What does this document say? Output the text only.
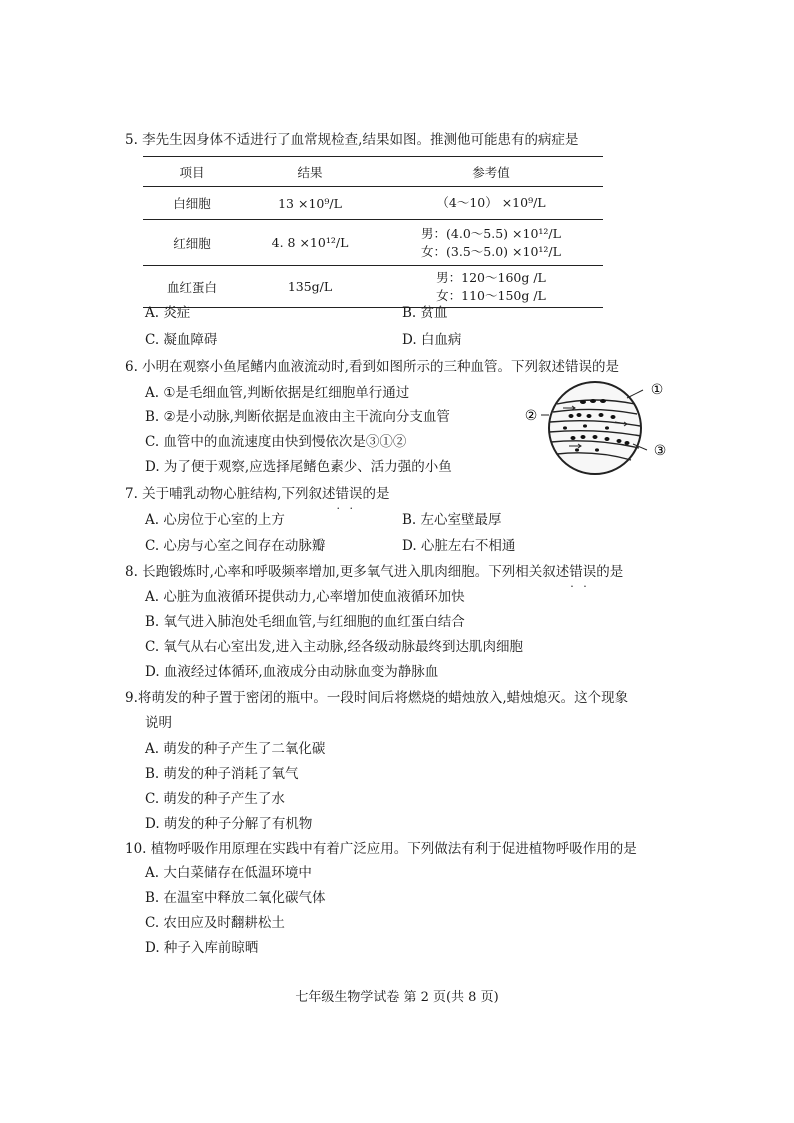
5. 李先生因身体不适进行了血常规检查,结果如图。推测他可能患有的病症是
项目	结果	参考值
白细胞	13 ×10⁹/L	（4～10） ×10⁹/L

红细胞	4. 8 ×10¹²/L	男：(4.0～5.5) ×10¹²/L
女：(3.5～5.0) ×10¹²/L

血红蛋白	135g/L	男：120～160g /L
女：110～150g /L
A. 炎症	B. 贫血
C. 凝血障碍	D. 白血病
6. 小明在观察小鱼尾鳍内血液流动时,看到如图所示的三种血管。下列叙述错误的是
A. ①是毛细血管,判断依据是红细胞单行通过
B. ②是小动脉,判断依据是血液由主干流向分支血管
C. 血管中的血流速度由快到慢依次是③①②
D. 为了便于观察,应选择尾鳍色素少、活力强的小鱼
①
②
③
7. 关于哺乳动物心脏结构,下列叙述错误 · ·的是
A. 心房位于心室的上方	B. 左心室壁最厚
C. 心房与心室之间存在动脉瓣	D. 心脏左右不相通
8. 长跑锻炼时,心率和呼吸频率增加,更多氧气进入肌肉细胞。下列相关叙述错误 · ·的是
A. 心脏为血液循环提供动力,心率增加使血液循环加快
B. 氧气进入肺泡处毛细血管,与红细胞的血红蛋白结合
C. 氧气从右心室出发,进入主动脉,经各级动脉最终到达肌肉细胞
D. 血液经过体循环,血液成分由动脉血变为静脉血
9.将萌发的种子置于密闭的瓶中。一段时间后将燃烧的蜡烛放入,蜡烛熄灭。这个现象
说明
A. 萌发的种子产生了二氧化碳
B. 萌发的种子消耗了氧气
C. 萌发的种子产生了水
D. 萌发的种子分解了有机物
10. 植物呼吸作用原理在实践中有着广泛应用。下列做法有利于促进植物呼吸作用的是
A. 大白菜储存在低温环境中
B. 在温室中释放二氧化碳气体
C. 农田应及时翻耕松土
D. 种子入库前晾晒
七年级生物学试卷 第 2 页(共 8 页)
